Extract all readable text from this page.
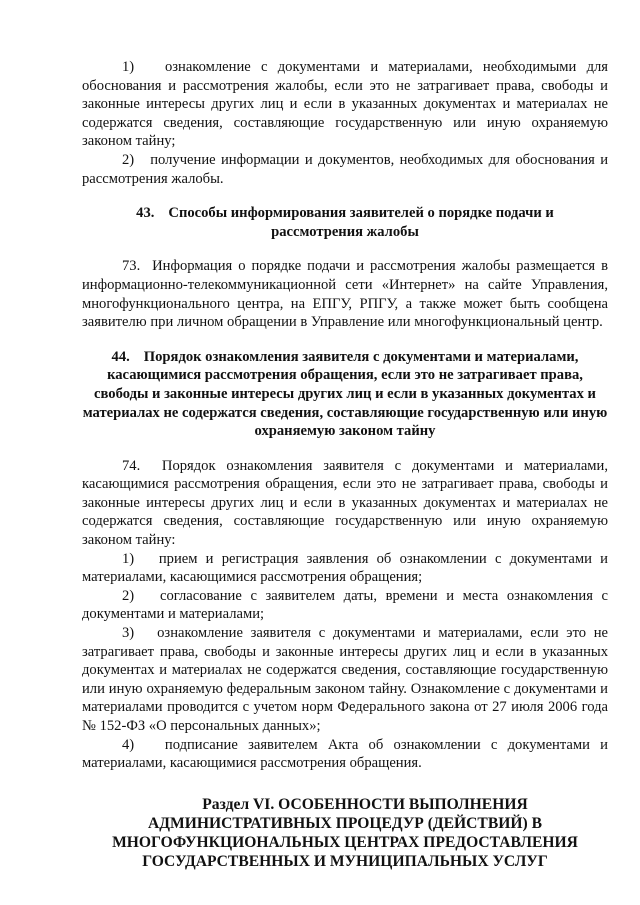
1)   ознакомление с документами и материалами, необходимыми для обоснования и рассмотрения жалобы, если это не затрагивает права, свободы и законные интересы других лиц и если в указанных документах и материалах не содержатся сведения, составляющие государственную или иную охраняемую законом тайну;

2)   получение информации и документов, необходимых для обоснования и рассмотрения жалобы.

43. Способы информирования заявителей о порядке подачи и рассмотрения жалобы

73.  Информация о порядке подачи и рассмотрения жалобы размещается в информационно-телекоммуникационной сети «Интернет» на сайте Управления, многофункционального центра, на ЕПГУ, РПГУ, а также может быть сообщена заявителю при личном обращении в Управление или многофункциональный центр.

44. Порядок ознакомления заявителя с документами и материалами, касающимися рассмотрения обращения, если это не затрагивает права, свободы и законные интересы других лиц и если в указанных документах и материалах не содержатся сведения, составляющие государственную или иную охраняемую законом тайну

74.  Порядок ознакомления заявителя с документами и материалами, касающимися рассмотрения обращения, если это не затрагивает права, свободы и законные интересы других лиц и если в указанных документах и материалах не содержатся сведения, составляющие государственную или иную охраняемую законом тайну:

1)   прием и регистрация заявления об ознакомлении с документами и материалами, касающимися рассмотрения обращения;

2)   согласование с заявителем даты, времени и места ознакомления с документами и материалами;

3)   ознакомление заявителя с документами и материалами, если это не затрагивает права, свободы и законные интересы других лиц и если в указанных документах и материалах не содержатся сведения, составляющие государственную или иную охраняемую федеральным законом тайну. Ознакомление с документами и материалами проводится с учетом норм Федерального закона от 27 июля 2006 года № 152-ФЗ «О персональных данных»;

4)   подписание заявителем Акта об ознакомлении с документами и материалами, касающимися рассмотрения обращения.

Раздел VI. ОСОБЕННОСТИ ВЫПОЛНЕНИЯ АДМИНИСТРАТИВНЫХ ПРОЦЕДУР (ДЕЙСТВИЙ) В МНОГОФУНКЦИОНАЛЬНЫХ ЦЕНТРАХ ПРЕДОСТАВЛЕНИЯ ГОСУДАРСТВЕННЫХ И МУНИЦИПАЛЬНЫХ УСЛУГ
